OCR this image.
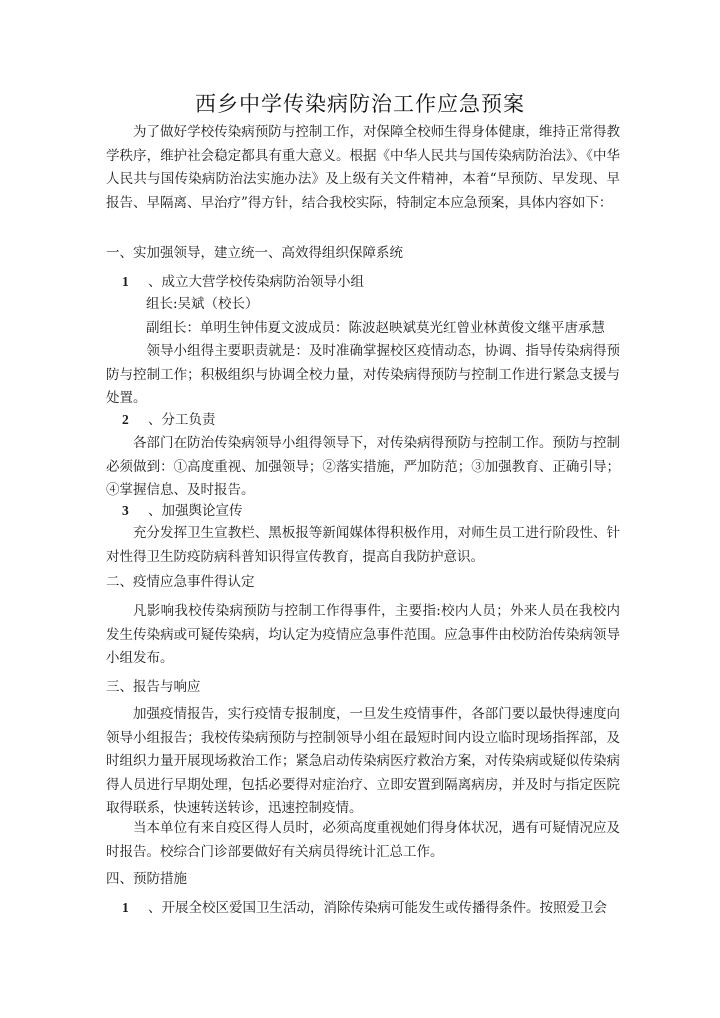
西乡中学传染病防治工作应急预案

为了做好学校传染病预防与控制工作，对保障全校师生得身体健康，维持正常得教学秩序，维护社会稳定都具有重大意义。根据《中华人民共与国传染病防治法》、《中华人民共与国传染病防治法实施办法》及上级有关文件精神，本着“早预防、早发现、早报告、早隔离、早治疗”得方针，结合我校实际，特制定本应急预案，具体内容如下：

一、实加强领导，建立统一、高效得组织保障系统

1 、成立大营学校传染病防治领导小组

组长:吴斌（校长）

副组长：单明生钟伟夏文波成员：陈波赵映斌莫光红曾业林黄俊文继平唐承慧

领导小组得主要职责就是：及时准确掌握校区疫情动态，协调、指导传染病得预防与控制工作；积极组织与协调全校力量，对传染病得预防与控制工作进行紧急支援与处置。

2 、分工负责

各部门在防治传染病领导小组得领导下，对传染病得预防与控制工作。预防与控制必须做到：①高度重视、加强领导；②落实措施，严加防范；③加强教育、正确引导；④掌握信息、及时报告。

3 、加强舆论宣传

充分发挥卫生宣教栏、黑板报等新闻媒体得积极作用，对师生员工进行阶段性、针对性得卫生防疫防病科普知识得宣传教育，提高自我防护意识。

二、疫情应急事件得认定

凡影响我校传染病预防与控制工作得事件，主要指:校内人员；外来人员在我校内发生传染病或可疑传染病，均认定为疫情应急事件范围。应急事件由校防治传染病领导小组发布。

三、报告与响应

加强疫情报告，实行疫情专报制度，一旦发生疫情事件，各部门要以最快得速度向领导小组报告；我校传染病预防与控制领导小组在最短时间内设立临时现场指挥部，及时组织力量开展现场救治工作；紧急启动传染病医疗救治方案，对传染病或疑似传染病得人员进行早期处理，包括必要得对症治疗、立即安置到隔离病房，并及时与指定医院取得联系，快速转送转诊，迅速控制疫情。

当本单位有来自疫区得人员时，必须高度重视她们得身体状况，遇有可疑情况应及时报告。校综合门诊部要做好有关病员得统计汇总工作。

四、预防措施

1 、开展全校区爱国卫生活动，消除传染病可能发生或传播得条件。按照爱卫会
